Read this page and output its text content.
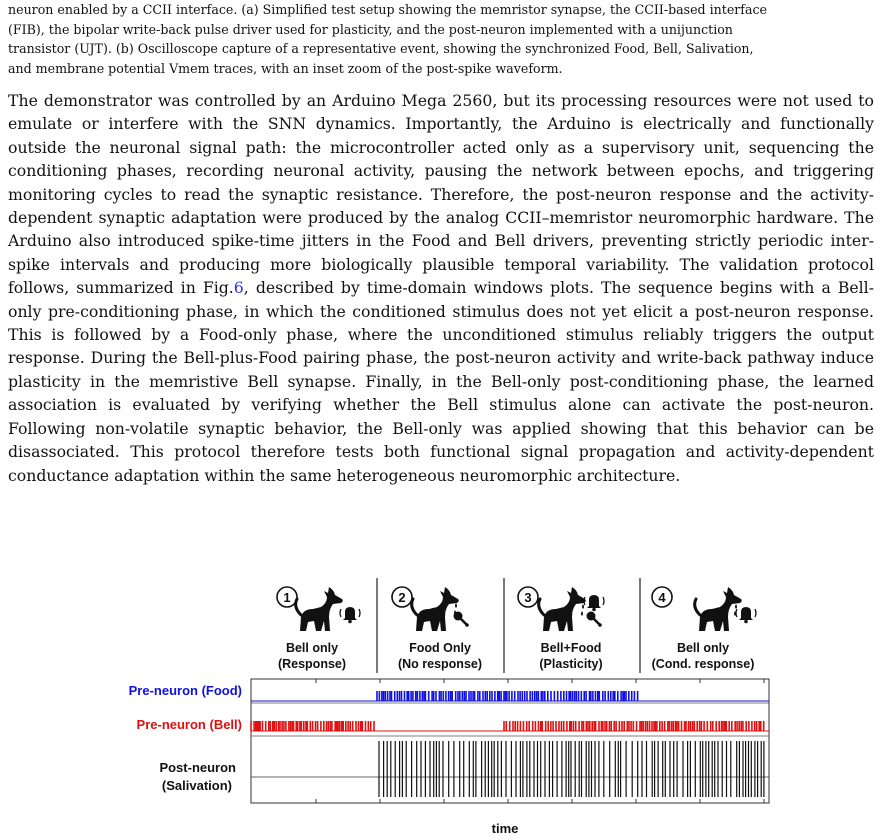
neuron enabled by a CCII interface. (a) Simplified test setup showing the memristor synapse, the CCII-based interface

(FIB), the bipolar write-back pulse driver used for plasticity, and the post-neuron implemented with a unijunction

transistor (UJT). (b) Oscilloscope capture of a representative event, showing the synchronized Food, Bell, Salivation,

and membrane potential Vmem traces, with an inset zoom of the post-spike waveform.

The demonstrator was controlled by an Arduino Mega 2560, but its processing resources were not used to emulate or interfere with the SNN dynamics. Importantly, the Arduino is electrically and functionally outside the neuronal signal path: the microcontroller acted only as a supervisory unit, sequencing the conditioning phases, recording neuronal activity, pausing the network between epochs, and triggering monitoring cycles to read the synaptic resistance. Therefore, the post-neuron response and the activity-dependent synaptic adaptation were produced by the analog CCII–memristor neuromorphic hardware. The Arduino also introduced spike-time jitters in the Food and Bell drivers, preventing strictly periodic inter-spike intervals and producing more biologically plausible temporal variability. The validation protocol follows, summarized in Fig.6, described by time-domain windows plots. The sequence begins with a Bell-only pre-conditioning phase, in which the conditioned stimulus does not yet elicit a post-neuron response. This is followed by a Food-only phase, where the unconditioned stimulus reliably triggers the output response. During the Bell-plus-Food pairing phase, the post-neuron activity and write-back pathway induce plasticity in the memristive Bell synapse. Finally, in the Bell-only post-conditioning phase, the learned association is evaluated by verifying whether the Bell stimulus alone can activate the post-neuron. Following non-volatile synaptic behavior, the Bell-only was applied showing that this behavior can be disassociated. This protocol therefore tests both functional signal propagation and activity-dependent conductance adaptation within the same heterogeneous neuromorphic architecture.

1	2	3	4
Bell only
(Response)
Food Only
(No response)
Bell+Food
(Plasticity)
Bell only
(Cond. response)
Pre-neuron (Food)
Pre-neuron (Bell)
Post-neuron
(Salivation)
time
